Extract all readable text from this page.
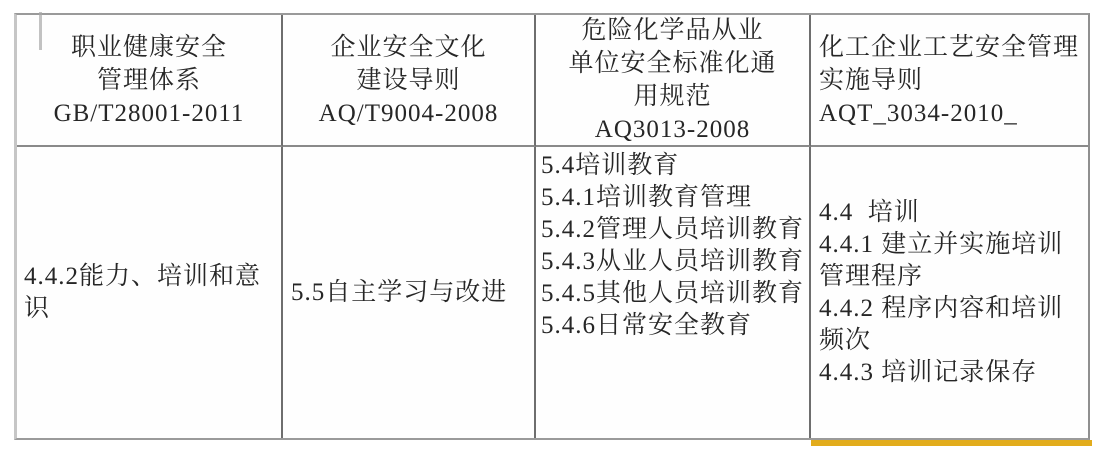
职业健康安全
管理体系
GB/T28001-2011
企业安全文化
建设导则
AQ/T9004-2008
危险化学品从业
单位安全标准化通
用规范
AQ3013-2008
化工企业工艺安全管理实施导则
AQT_3034-2010_
4.4.2能力、培训和意识
5.5自主学习与改进
5.4培训教育
5.4.1培训教育管理
5.4.2管理人员培训教育
5.4.3从业人员培训教育
5.4.5其他人员培训教育
5.4.6日常安全教育
4.4  培训
4.4.1 建立并实施培训管理程序
4.4.2 程序内容和培训频次
4.4.3 培训记录保存
